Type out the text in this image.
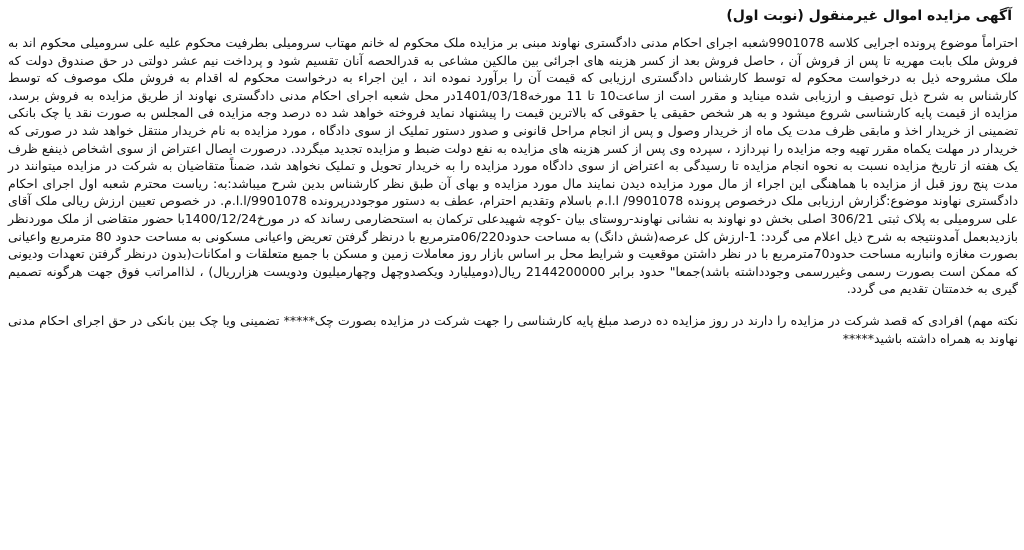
آگهی مزایده اموال غیرمنقول (نوبت اول)
احتراماً موضوع پرونده اجرایی کلاسه 9901078شعبه اجرای احکام مدنی دادگستری نهاوند مبنی بر مزایده ملک محکوم له خانم مهتاب سرومیلی بطرفیت محکوم علیه علی سرومیلی محکوم اند به فروش ملک بابت مهریه تا پس از فروش آن ، حاصل فروش بعد از کسر هزینه های اجرائی بین مالکین مشاعی به قدرالحصه آنان تقسیم شود و پرداخت نیم عشر دولتی در حق صندوق دولت که ملک مشروحه ذیل به درخواست محکوم له توسط کارشناس دادگستری ارزیابی که قیمت آن را برآورد نموده اند ، این اجراء به درخواست محکوم له اقدام به فروش ملک موصوف که توسط کارشناس به شرح ذیل توصیف و ارزیابی شده میناید و مقرر است از ساعت10 تا 11 مورخه1401/03/18در محل شعبه اجرای احکام مدنی دادگستری نهاوند از طریق مزایده به فروش برسد، مزایده از قیمت پایه کارشناسی شروع میشود و به هر شخص حقیقی یا حقوقی که بالاترین قیمت را پیشنهاد نماید فروخته خواهد شد ده درصد وجه مزایده فی المجلس به صورت نقد یا چک بانکی تضمینی از خریدار اخذ و مابقی ظرف مدت یک ماه از خریدار وصول و پس از انجام مراحل قانونی و صدور دستور تملیک از سوی دادگاه ، مورد مزایده به نام خریدار منتقل خواهد شد در صورتی که خریدار در مهلت یکماه مقرر تهیه وجه مزایده را نپردازد ، سپرده وی پس از کسر هزینه های مزایده به نفع دولت ضبط و مزایده تجدید میگردد. درصورت ایصال اعتراض از سوی اشخاص ذینفع ظرف یک هفته از تاریخ مزایده نسبت به نحوه انجام مزایده تا رسیدگی به اعتراض از سوی دادگاه مورد مزایده را به خریدار تحویل و تملیک نخواهد شد، ضمناً متقاضیان به شرکت در مزایده میتوانند در مدت پنج روز قبل از مزایده با هماهنگی این اجراء از مال مورد مزایده دیدن نمایند مال مورد مزایده و بهای آن طبق نظر کارشناس بدین شرح میباشد:به: ریاست محترم شعبه اول اجرای احکام دادگستری نهاوند موضوع:گزارش ارزیابی ملک درخصوص پرونده 9901078/ ا.ا.م باسلام وتقدیم احترام، عطف به دستور موجوددرپرونده 9901078/ا.ا.م. در خصوص تعیین ارزش ریالی ملک آقای علی سرومیلی به پلاک ثبتی 306/21 اصلی بخش دو نهاوند به نشانی نهاوند-روستای بیان -کوچه شهیدعلی ترکمان به استحضارمی رساند که در مورخ1400/12/24با حضور متقاضی از ملک موردنظر بازدیدبعمل آمدونتیجه به شرح ذیل اعلام می گردد: 1-ارزش کل عرصه(شش دانگ) به مساحت حدود06/220مترمربع با درنظر گرفتن تعریض واعیانی مسکونی به مساحت حدود 80 مترمربع واعیانی بصورت مغازه وانباربه مساحت حدود70مترمربع با در نظر داشتن موقعیت و شرایط محل بر اساس بازار روز معاملات زمین و مسکن با جمیع متعلقات و امکانات(بدون درنظر گرفتن تعهدات ودیونی که ممکن است بصورت رسمی وغیررسمی وجودداشته باشد)جمعا" حدود برابر 2144200000 ریال(دومیلیارد ویکصدوچهل وچهارمیلیون ودویست هزارریال) ، لذاامراتب فوق جهت هرگونه تصمیم گیری به خدمتتان تقدیم می گردد.
نکته مهم) افرادی که قصد شرکت در مزایده را دارند در روز مزایده ده درصد مبلغ پایه کارشناسی را جهت شرکت در مزایده بصورت چک***** تضمینی ویا چک بین بانکی در حق اجرای احکام مدنی نهاوند به همراه داشته باشید*****
